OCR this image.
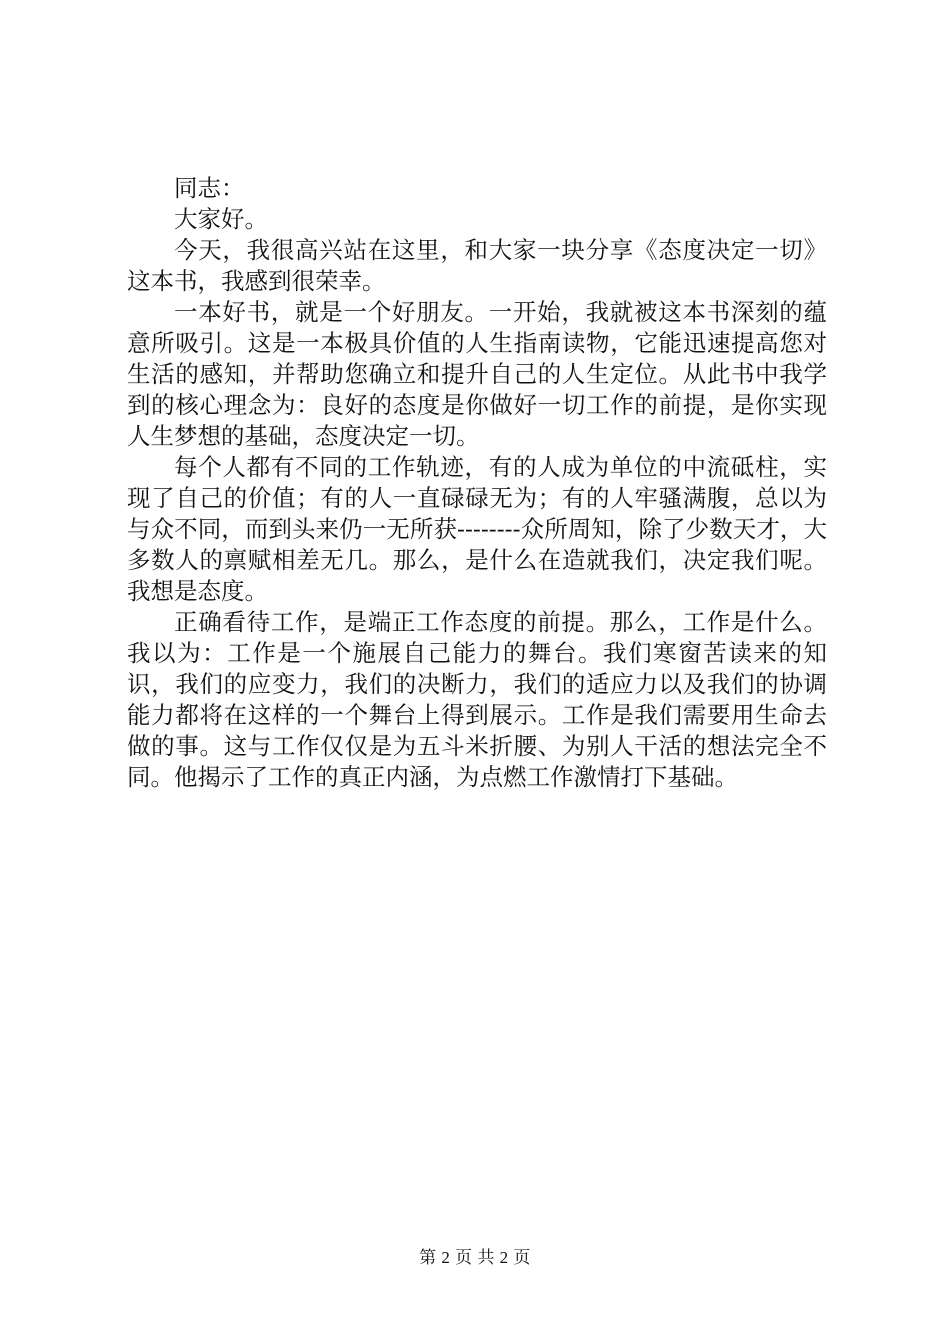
同志：

大家好。

今天，我很高兴站在这里，和大家一块分享《态度决定一切》这本书，我感到很荣幸。

一本好书，就是一个好朋友。一开始，我就被这本书深刻的蕴意所吸引。这是一本极具价值的人生指南读物，它能迅速提高您对生活的感知，并帮助您确立和提升自己的人生定位。从此书中我学到的核心理念为：良好的态度是你做好一切工作的前提，是你实现人生梦想的基础，态度决定一切。

每个人都有不同的工作轨迹，有的人成为单位的中流砥柱，实现了自己的价值；有的人一直碌碌无为；有的人牢骚满腹，总以为与众不同，而到头来仍一无所获--------众所周知，除了少数天才，大多数人的禀赋相差无几。那么，是什么在造就我们，决定我们呢。我想是态度。

正确看待工作，是端正工作态度的前提。那么，工作是什么。我以为：工作是一个施展自己能力的舞台。我们寒窗苦读来的知识，我们的应变力，我们的决断力，我们的适应力以及我们的协调能力都将在这样的一个舞台上得到展示。工作是我们需要用生命去做的事。这与工作仅仅是为五斗米折腰、为别人干活的想法完全不同。他揭示了工作的真正内涵，为点燃工作激情打下基础。

第 2 页 共 2 页
